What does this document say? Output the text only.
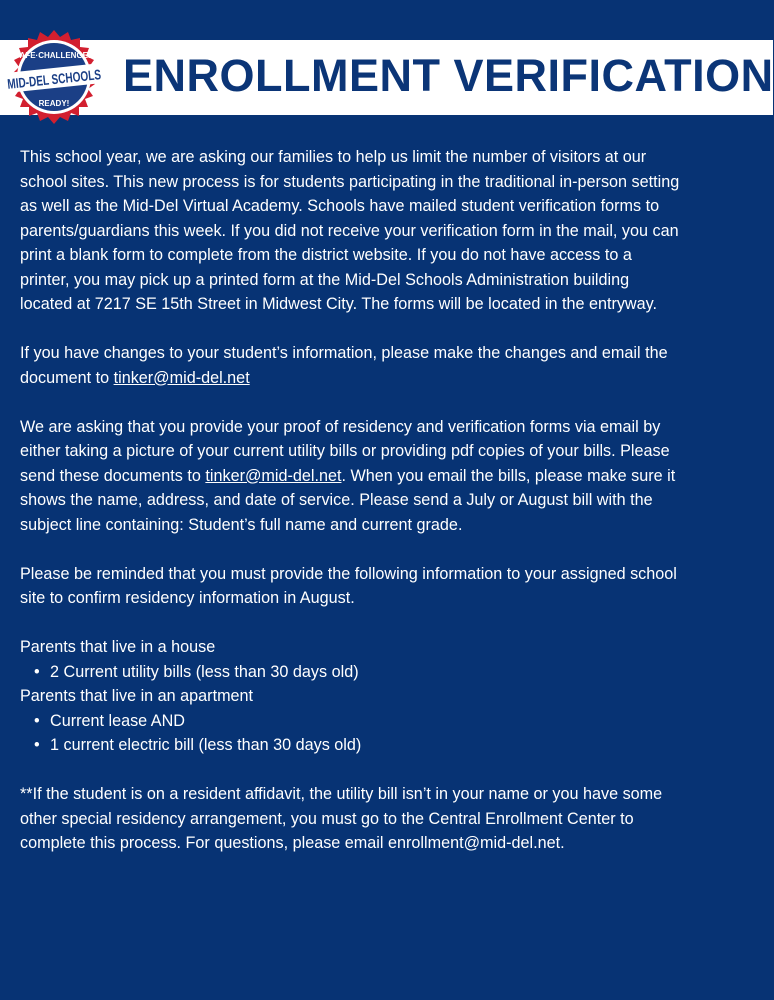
MID-DEL SCHOOLS
SAFE·CHALLENGED
READY!
ENROLLMENT VERIFICATION
This school year, we are asking our families to help us limit the number of visitors at our
school sites. This new process is for students participating in the traditional in-person setting
as well as the Mid-Del Virtual Academy. Schools have mailed student verification forms to
parents/guardians this week. If you did not receive your verification form in the mail, you can
print a blank form to complete from the district website. If you do not have access to a
printer, you may pick up a printed form at the Mid-Del Schools Administration building
located at 7217 SE 15th Street in Midwest City. The forms will be located in the entryway.
If you have changes to your student’s information, please make the changes and email the
document to tinker@mid-del.net
We are asking that you provide your proof of residency and verification forms via email by
either taking a picture of your current utility bills or providing pdf copies of your bills. Please
send these documents to tinker@mid-del.net. When you email the bills, please make sure it
shows the name, address, and date of service. Please send a July or August bill with the
subject line containing: Student’s full name and current grade.
Please be reminded that you must provide the following information to your assigned school
site to confirm residency information in August.
Parents that live in a house
• 2 Current utility bills (less than 30 days old)
Parents that live in an apartment
• Current lease AND
• 1 current electric bill (less than 30 days old)
**If the student is on a resident affidavit, the utility bill isn’t in your name or you have some
other special residency arrangement, you must go to the Central Enrollment Center to
complete this process. For questions, please email enrollment@mid-del.net.
